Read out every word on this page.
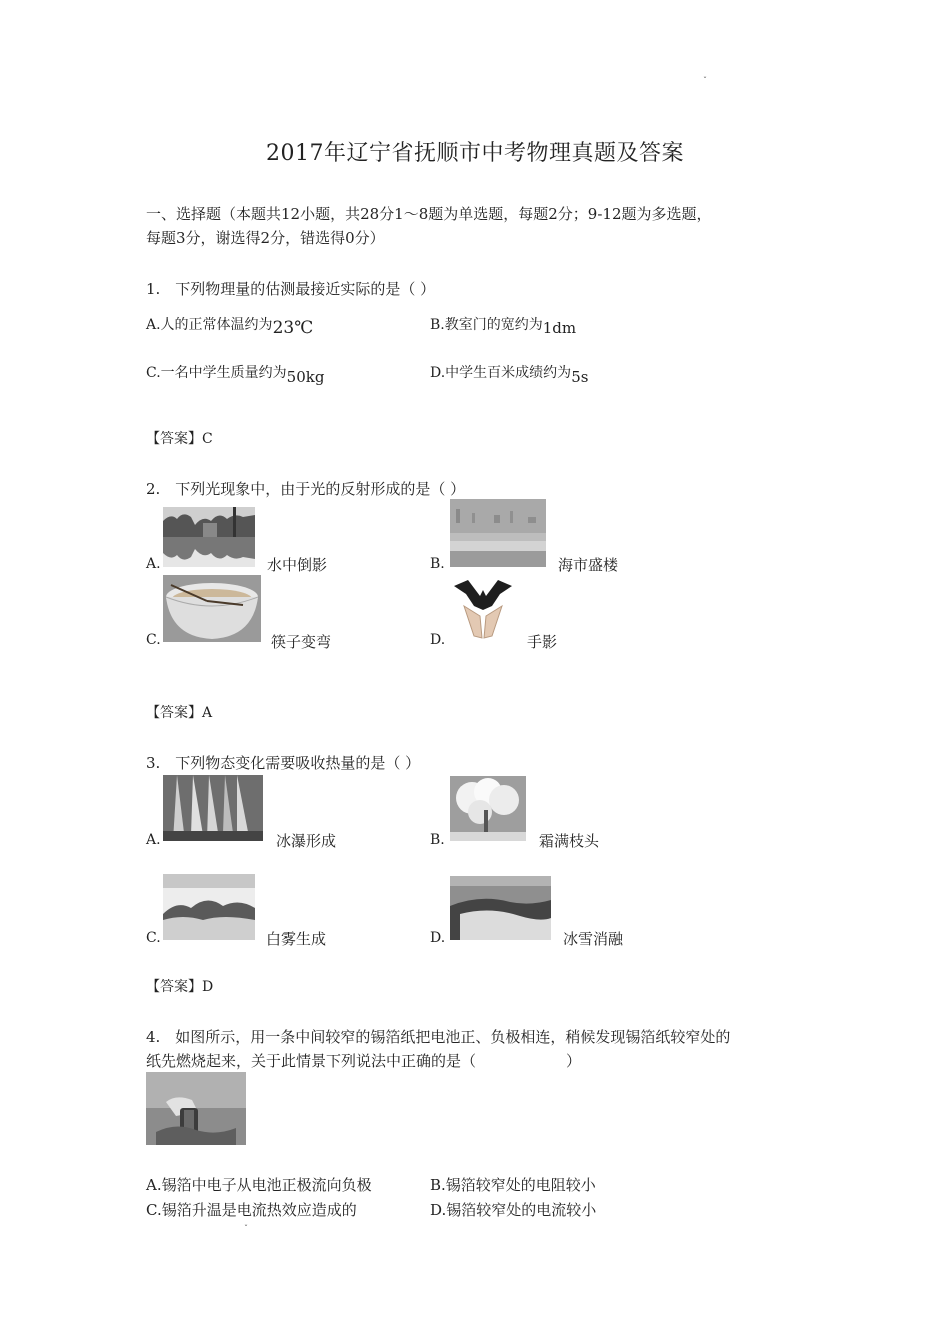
ˇ
2017年辽宁省抚顺市中考物理真题及答案
一、选择题（本题共12小题，共28分1～8题为单选题，每题2分；9-12题为多选题，
每题3分，谢选得2分，错选得0分）
1.　下列物理量的估测最接近实际的是（ ）
A.人的正常体温约为23℃	B.教室门的宽约为1dm
C.一名中学生质量约为50kg	D.中学生百米成绩约为5s
【答案】C
2.　下列光现象中，由于光的反射形成的是（ ）
A.	水中倒影	B.	海市盛楼
C.	筷子变弯	D.	手影
【答案】A
3.　下列物态变化需要吸收热量的是（ ）
A.	冰瀑形成	B.	霜满枝头
C.	白雾生成	D.	冰雪消融
【答案】D
4.　如图所示，用一条中间较窄的锡箔纸把电池正、负极相连，稍候发现锡箔纸较窄处的
纸先燃烧起来，关于此情景下列说法中正确的是（　　　　　　）
A.锡箔中电子从电池正极流向负极	B.锡箔较窄处的电阻较小
C.锡箔升温是电流热效应造成的	D.锡箔较窄处的电流较小
ˇ
